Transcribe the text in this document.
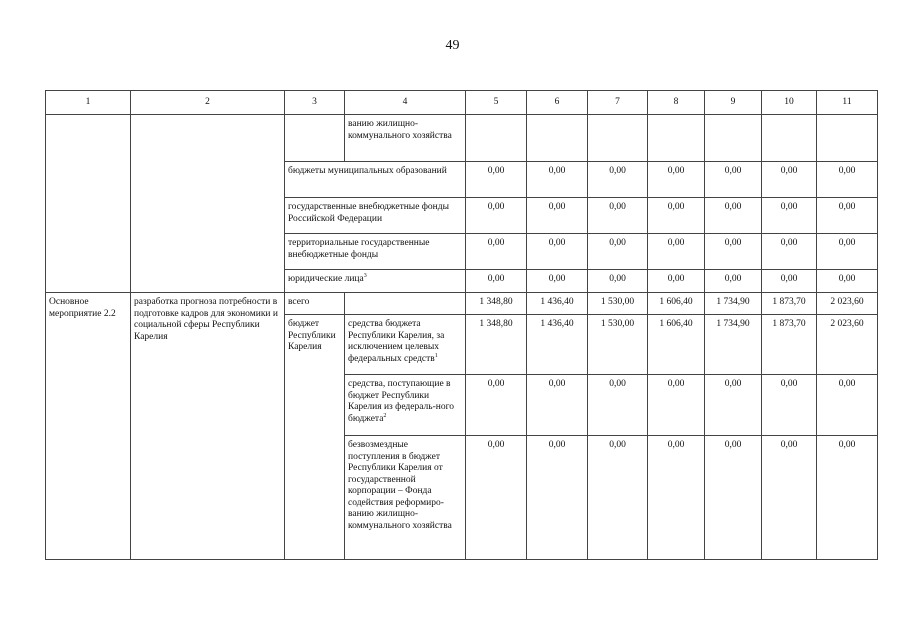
49
1	2	3	4	5	6	7	8	9	10	11
			ванию жилищно-коммунального хозяйства							
		бюджеты муниципальных образований		0,00	0,00	0,00	0,00	0,00	0,00	0,00
		государственные внебюджетные фонды Российской Федерации		0,00	0,00	0,00	0,00	0,00	0,00	0,00
		территориальные государственные внебюджетные фонды		0,00	0,00	0,00	0,00	0,00	0,00	0,00
		юридические лица$^3$		0,00	0,00	0,00	0,00	0,00	0,00	0,00
Основное мероприятие 2.2	разработка прогноза потребности в подготовке кадров для экономики и социальной сферы Республики Карелия	всего		1 348,80	1 436,40	1 530,00	1 606,40	1 734,90	1 873,70	2 023,60
		бюджет Республики Карелия	средства бюджета Республики Карелия, за исключением целевых федеральных средств$^1$	1 348,80	1 436,40	1 530,00	1 606,40	1 734,90	1 873,70	2 023,60
			средства, поступающие в бюджет Республики Карелия из федераль-ного бюджета$^2$	0,00	0,00	0,00	0,00	0,00	0,00	0,00
			безвозмездные поступления в бюджет Республики Карелия от государственной корпорации – Фонда содействия реформиро-ванию жилищно-коммунального хозяйства	0,00	0,00	0,00	0,00	0,00	0,00	0,00
